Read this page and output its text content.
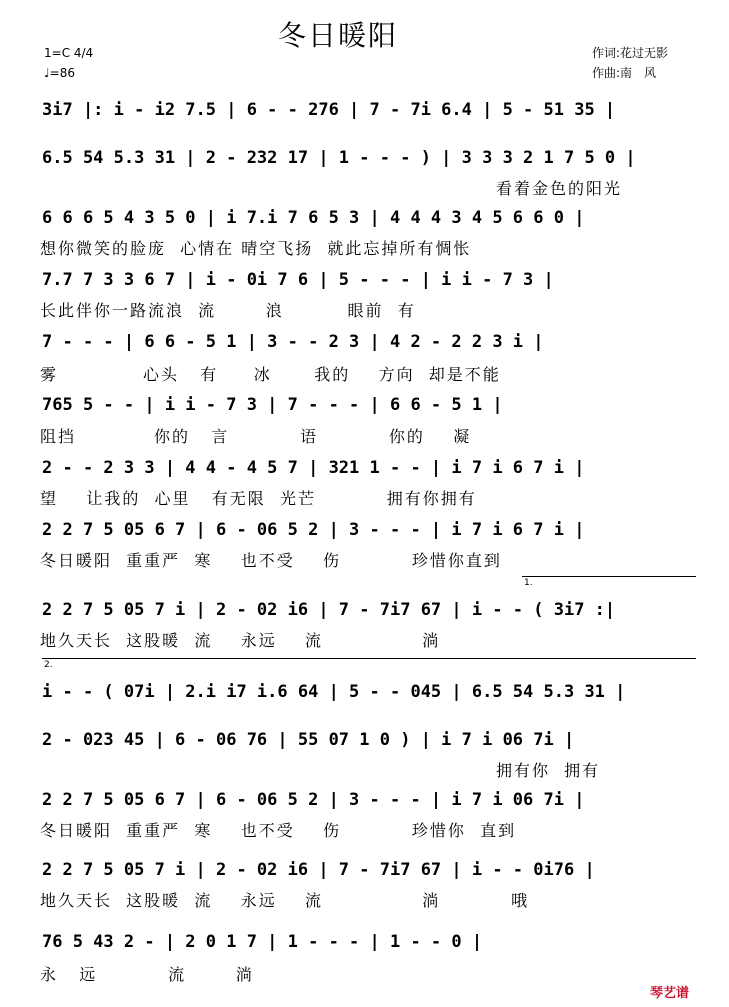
冬日暖阳
1=C 4/4
♩=86
作词:花过无影
作曲:南　风
3i7 |: i - i2 7.5 | 6 - - 276 | 7 - 7i 6.4 | 5 - 51 35 |
6.5 54 5.3 31 | 2 - 232 17 | 1 - - - ) | 3 3 3 2 1 7 5 0 |
看着金色的阳光
6 6 6 5 4 3 5 0 | i 7.i 7 6 5 3 | 4 4 4 3 4 5 6 6 0 |
想你微笑的脸庞  心情在 晴空飞扬  就此忘掉所有惆怅
7.7 7 3 3 6 7 | i - 0i 7 6 | 5 - - - | i i - 7 3 |
长此伴你一路流浪  流       浪         眼前  有
7 - - - | 6 6 - 5 1 | 3 - - 2 3 | 4 2 - 2 2 3 i |
雾            心头   有     冰      我的    方向  却是不能
765 5 - - | i i - 7 3 | 7 - - - | 6 6 - 5 1 |
阻挡           你的   言          语          你的    凝
2 - - 2 3 3 | 4 4 - 4 5 7 | 321 1 - - | i 7 i 6 7 i |
望    让我的  心里   有无限  光芒          拥有你拥有
2 2 7 5 05 6 7 | 6 - 06 5 2 | 3 - - - | i 7 i 6 7 i |
冬日暖阳  重重严  寒    也不受    伤          珍惜你直到
2 2 7 5 05 7 i | 2 - 02 i6 | 7 - 7i7 67 | i - - ( 3i7 :|
地久天长  这股暖  流    永远    流              淌
i - - ( 07i | 2.i i7 i.6 64 | 5 - - 045 | 6.5 54 5.3 31 |
2 - 023 45 | 6 - 06 76 | 55 07 1 0 ) | i 7 i 06 7i |
拥有你  拥有
2 2 7 5 05 6 7 | 6 - 06 5 2 | 3 - - - | i 7 i 06 7i |
冬日暖阳  重重严  寒    也不受    伤          珍惜你  直到
2 2 7 5 05 7 i | 2 - 02 i6 | 7 - 7i7 67 | i - - 0i76 |
地久天长  这股暖  流    永远    流              淌          哦
76 5 43 2 - | 2 0 1 7 | 1 - - - | 1 - - 0 |
永   远          流       淌
1.
2.
琴艺谱
